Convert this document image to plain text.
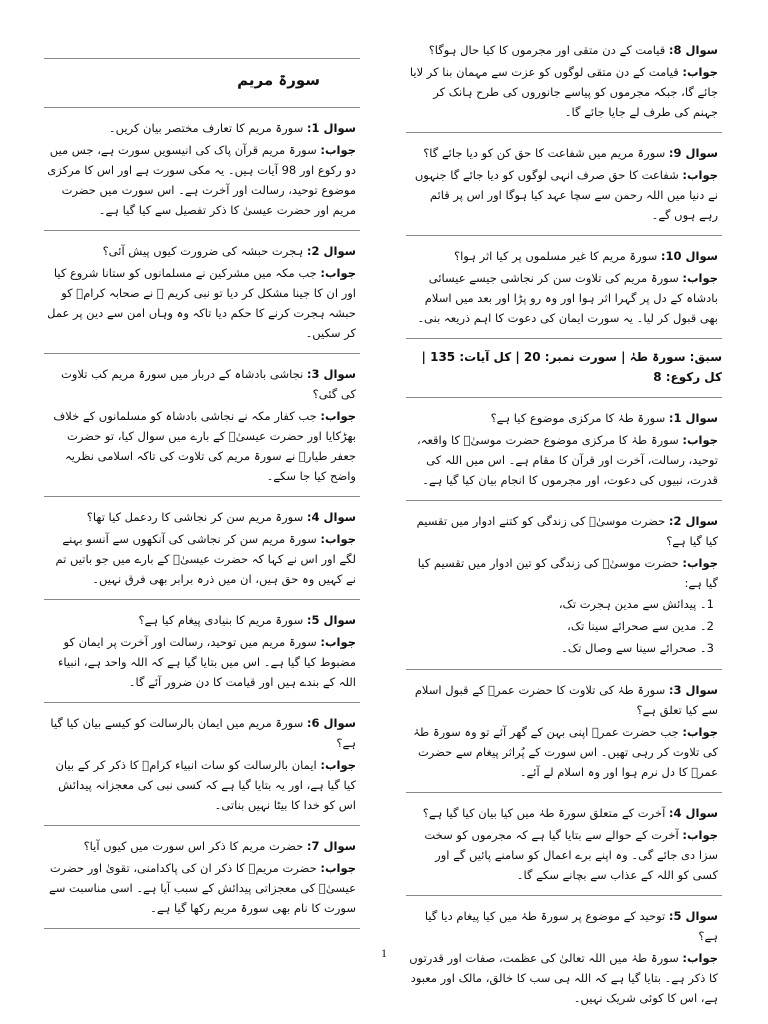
سورۃ مریم

سوال 1: سورۃ مریم کا تعارف مختصر بیان کریں۔

جواب: سورۃ مریم قرآن پاک کی انیسویں سورت ہے، جس میں دو رکوع اور 98 آیات ہیں۔ یہ مکی سورت ہے اور اس کا مرکزی موضوع توحید، رسالت اور آخرت ہے۔ اس سورت میں حضرت مریم اور حضرت عیسیٰ کا ذکر تفصیل سے کیا گیا ہے۔

سوال 2: ہجرت حبشہ کی ضرورت کیوں پیش آئی؟

جواب: جب مکہ میں مشرکین نے مسلمانوں کو ستانا شروع کیا اور ان کا جینا مشکل کر دیا تو نبی کریم ﷺ نے صحابہ کرامؓ کو حبشہ ہجرت کرنے کا حکم دیا تاکہ وہ وہاں امن سے دین پر عمل کر سکیں۔

سوال 3: نجاشی بادشاہ کے دربار میں سورۃ مریم کب تلاوت کی گئی؟

جواب: جب کفار مکہ نے نجاشی بادشاہ کو مسلمانوں کے خلاف بھڑکایا اور حضرت عیسیٰؑ کے بارے میں سوال کیا، تو حضرت جعفر طیارؓ نے سورۃ مریم کی تلاوت کی تاکہ اسلامی نظریہ واضح کیا جا سکے۔

سوال 4: سورۃ مریم سن کر نجاشی کا ردعمل کیا تھا؟

جواب: سورۃ مریم سن کر نجاشی کی آنکھوں سے آنسو بہنے لگے اور اس نے کہا کہ حضرت عیسیٰؑ کے بارے میں جو باتیں تم نے کہیں وہ حق ہیں، ان میں ذرہ برابر بھی فرق نہیں۔

سوال 5: سورۃ مریم کا بنیادی پیغام کیا ہے؟

جواب: سورۃ مریم میں توحید، رسالت اور آخرت پر ایمان کو مضبوط کیا گیا ہے۔ اس میں بتایا گیا ہے کہ اللہ واحد ہے، انبیاء اللہ کے بندے ہیں اور قیامت کا دن ضرور آئے گا۔

سوال 6: سورۃ مریم میں ایمان بالرسالت کو کیسے بیان کیا گیا ہے؟

جواب: ایمان بالرسالت کو سات انبیاء کرامؑ کا ذکر کر کے بیان کیا گیا ہے، اور یہ بتایا گیا ہے کہ کسی نبی کی معجزانہ پیدائش اس کو خدا کا بیٹا نہیں بناتی۔

سوال 7: حضرت مریم کا ذکر اس سورت میں کیوں آیا؟

جواب: حضرت مریمؑ کا ذکر ان کی پاکدامنی، تقویٰ اور حضرت عیسیٰؑ کی معجزاتی پیدائش کے سبب آیا ہے۔ اسی مناسبت سے سورت کا نام بھی سورۃ مریم رکھا گیا ہے۔

سوال 8: قیامت کے دن متقی اور مجرموں کا کیا حال ہوگا؟

جواب: قیامت کے دن متقی لوگوں کو عزت سے مہمان بنا کر لایا جائے گا، جبکہ مجرموں کو پیاسے جانوروں کی طرح ہانک کر جہنم کی طرف لے جایا جائے گا۔

سوال 9: سورۃ مریم میں شفاعت کا حق کن کو دیا جائے گا؟

جواب: شفاعت کا حق صرف انہی لوگوں کو دیا جائے گا جنہوں نے دنیا میں اللہ رحمن سے سچا عہد کیا ہوگا اور اس پر قائم رہے ہوں گے۔

سوال 10: سورۃ مریم کا غیر مسلموں پر کیا اثر ہوا؟

جواب: سورۃ مریم کی تلاوت سن کر نجاشی جیسے عیسائی بادشاہ کے دل پر گہرا اثر ہوا اور وہ رو پڑا اور بعد میں اسلام بھی قبول کر لیا۔ یہ سورت ایمان کی دعوت کا اہم ذریعہ بنی۔

سبق: سورۃ طہٰ | سورت نمبر: 20 | کل آیات: 135 | کل رکوع: 8

سوال 1: سورۃ طہٰ کا مرکزی موضوع کیا ہے؟

جواب: سورۃ طہٰ کا مرکزی موضوع حضرت موسیٰؑ کا واقعہ، توحید، رسالت، آخرت اور قرآن کا مقام ہے۔ اس میں اللہ کی قدرت، نبیوں کی دعوت، اور مجرموں کا انجام بیان کیا گیا ہے۔

سوال 2: حضرت موسیٰؑ کی زندگی کو کتنے ادوار میں تقسیم کیا گیا ہے؟

جواب: حضرت موسیٰؑ کی زندگی کو تین ادوار میں تقسیم کیا گیا ہے:

1۔ پیدائش سے مدین ہجرت تک،

2۔ مدین سے صحرائے سینا تک،

3۔ صحرائے سینا سے وصال تک۔

سوال 3: سورۃ طہٰ کی تلاوت کا حضرت عمرؓ کے قبول اسلام سے کیا تعلق ہے؟

جواب: جب حضرت عمرؓ اپنی بہن کے گھر آئے تو وہ سورۃ طہٰ کی تلاوت کر رہی تھیں۔ اس سورت کے پُراثر پیغام سے حضرت عمرؓ کا دل نرم ہوا اور وہ اسلام لے آئے۔

سوال 4: آخرت کے متعلق سورۃ طہٰ میں کیا بیان کیا گیا ہے؟

جواب: آخرت کے حوالے سے بتایا گیا ہے کہ مجرموں کو سخت سزا دی جائے گی۔ وہ اپنے برے اعمال کو سامنے پائیں گے اور کسی کو اللہ کے عذاب سے بچانے سکے گا۔

سوال 5: توحید کے موضوع پر سورۃ طہٰ میں کیا پیغام دیا گیا ہے؟

جواب: سورۃ طہٰ میں اللہ تعالیٰ کی عظمت، صفات اور قدرتوں کا ذکر ہے۔ بتایا گیا ہے کہ اللہ ہی سب کا خالق، مالک اور معبود ہے، اس کا کوئی شریک نہیں۔

1
